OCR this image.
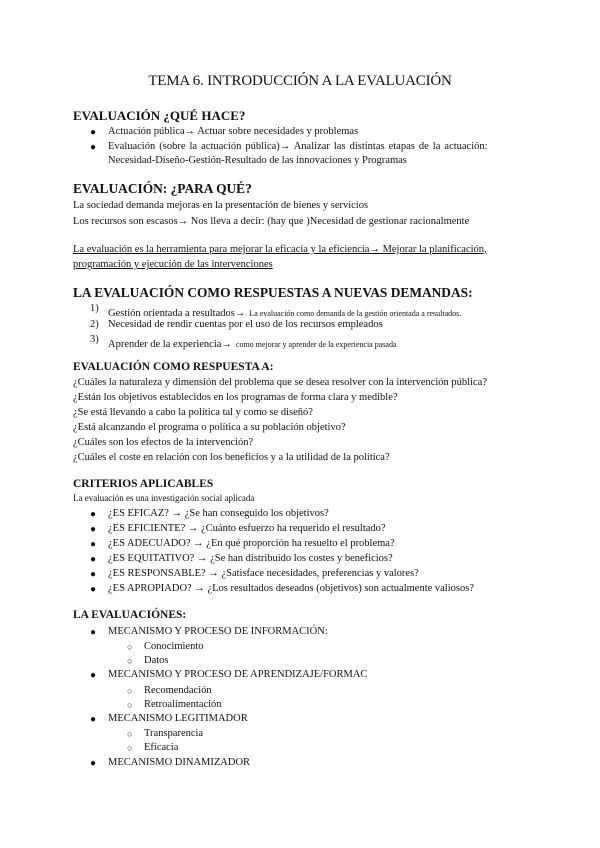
TEMA 6. INTRODUCCIÓN A LA EVALUACIÓN
EVALUACIÓN ¿QUÉ HACE?
● Actuación pública→ Actuar sobre necesidades y problemas
● Evaluación (sobre la actuación pública)→ Analizar las distintas etapas de la actuación:
Necesidad-Diseño-Gestión-Resultado de las innovaciones y Programas
EVALUACIÓN: ¿PARA QUÉ?
La sociedad demanda mejoras en la presentación de bienes y servicios
Los recursos son escasos→ Nos lleva a decir: (hay que )Necesidad de gestionar racionalmente
La evaluación es la herramienta para mejorar la eficacia y la eficiencia→ Mejorar la planificación,
programación y ejecución de las intervenciones
LA EVALUACIÓN COMO RESPUESTAS A NUEVAS DEMANDAS:
1) Gestión orientada a resultados→ La evaluación como demanda de la gestión orientada a resultados.
2) Necesidad de rendir cuentas por el uso de los recursos empleados
3) Aprender de la experiencia→ como mejorar y aprender de la experiencia pasada
EVALUACIÓN COMO RESPUESTA A:
¿Cuáles la naturaleza y dimensión del problema que se desea resolver con la intervención pública?
¿Están los objetivos establecidos en los programas de forma clara y medible?
¿Se está llevando a cabo la política tal y como se diseñó?
¿Está alcanzando el programa o política a su población objetivo?
¿Cuáles son los efectos de la intervención?
¿Cuáles el coste en relación con los beneficios y a la utilidad de la política?
CRITERIOS APLICABLES
La evaluación es una investigación social aplicada
● ¿ES EFICAZ? → ¿Se han conseguido los objetivos?
● ¿ES EFICIENTE? → ¿Cuánto esfuerzo ha requerido el resultado?
● ¿ES ADECUADO? → ¿En qué proporción ha resuelto el problema?
● ¿ES EQUITATIVO? → ¿Se han distribuido los costes y beneficios?
● ¿ES RESPONSABLE? → ¿Satisface necesidades, preferencias y valores?
● ¿ES APROPIADO? → ¿Los resultados deseados (objetivos) son actualmente valiosos?
LA EVALUACIÓNES:
● MECANISMO Y PROCESO DE INFORMACIÓN:
○ Conocimiento
○ Datos
● MECANISMO Y PROCESO DE APRENDIZAJE/FORMAC
○ Recomendación
○ Retroalimentación
● MECANISMO LEGITIMADOR
○ Transparencia
○ Eficacia
● MECANISMO DINAMIZADOR
